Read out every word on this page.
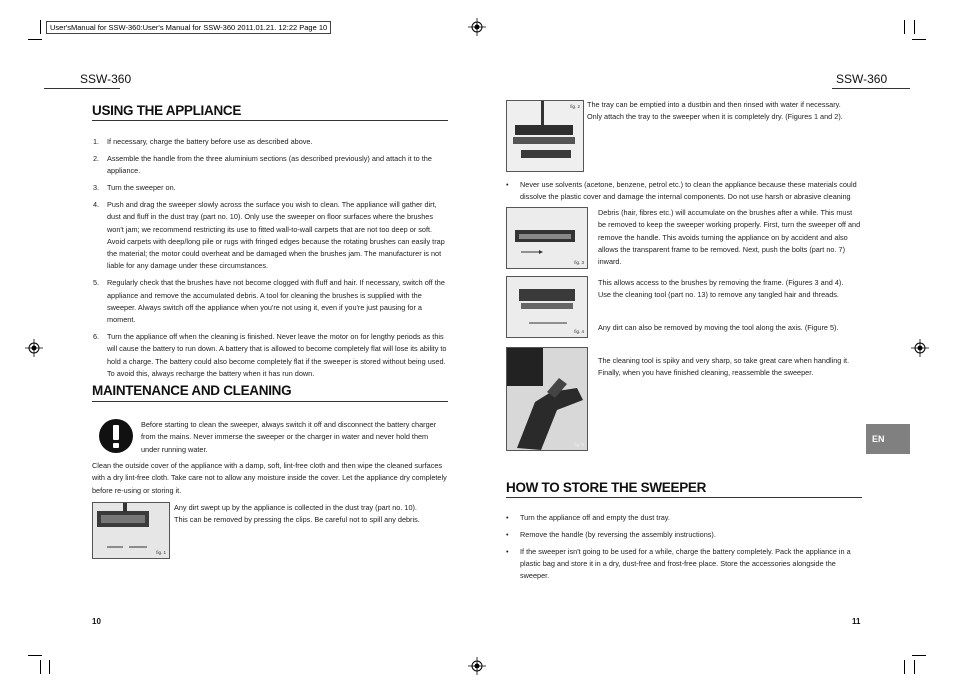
User'sManual for SSW-360:User's Manual for SSW-360 2011.01.21. 12:22 Page 10
SSW-360	SSW-360
USING THE APPLIANCE
1. If necessary, charge the battery before use as described above.
2. Assemble the handle from the three aluminium sections (as described previously) and attach it to the appliance.
3. Turn the sweeper on.
4. Push and drag the sweeper slowly across the surface you wish to clean. The appliance will gather dirt, dust and fluff in the dust tray (part no. 10). Only use the sweeper on floor surfaces where the brushes won't jam; we recommend restricting its use to fitted wall-to-wall carpets that are not too deep or soft. Avoid carpets with deep/long pile or rugs with fringed edges because the rotating brushes can easily trap the material; the motor could overheat and be damaged when the brushes jam. The manufacturer is not liable for any damage under these circumstances.
5. Regularly check that the brushes have not become clogged with fluff and hair. If necessary, switch off the appliance and remove the accumulated debris. A tool for cleaning the brushes is supplied with the sweeper. Always switch off the appliance when you're not using it, even if you're just pausing for a moment.
6. Turn the appliance off when the cleaning is finished. Never leave the motor on for lengthy periods as this will cause the battery to run down. A battery that is allowed to become completely flat will lose its ability to hold a charge. The battery could also become completely flat if the sweeper is stored without being used. To avoid this, always recharge the battery when it has run down.
MAINTENANCE AND CLEANING
Before starting to clean the sweeper, always switch it off and disconnect the battery charger from the mains. Never immerse the sweeper or the charger in water and never hold them under running water.
Clean the outside cover of the appliance with a damp, soft, lint-free cloth and then wipe the cleaned surfaces with a dry lint-free cloth. Take care not to allow any moisture inside the cover. Let the appliance dry completely before re-using or storing it.
fig. 1
Any dirt swept up by the appliance is collected in the dust tray (part no. 10).
This can be removed by pressing the clips. Be careful not to spill any debris.
10
fig. 2 The tray can be emptied into a dustbin and then rinsed with water if necessary.
Only attach the tray to the sweeper when it is completely dry. (Figures 1 and 2).
• Never use solvents (acetone, benzene, petrol etc.) to clean the appliance because these materials could dissolve the plastic cover and damage the internal components. Do not use harsh or abrasive cleaning
fig. 3
Debris (hair, fibres etc.) will accumulate on the brushes after a while. This must be removed to keep the sweeper working properly. First, turn the sweeper off and remove the handle. This avoids turning the appliance on by accident and also allows the transparent frame to be removed. Next, push the bolts (part no. 7) inward.
fig. 4
This allows access to the brushes by removing the frame. (Figures 3 and 4).
Use the cleaning tool (part no. 13) to remove any tangled hair and threads.
Any dirt can also be removed by moving the tool along the axis. (Figure 5).
fig. 5
The cleaning tool is spiky and very sharp, so take great care when handling it.
Finally, when you have finished cleaning, reassemble the sweeper.
EN
HOW TO STORE THE SWEEPER
• Turn the appliance off and empty the dust tray.
• Remove the handle (by reversing the assembly instructions).
• If the sweeper isn't going to be used for a while, charge the battery completely. Pack the appliance in a plastic bag and store it in a dry, dust-free and frost-free place. Store the accessories alongside the sweeper.
11
